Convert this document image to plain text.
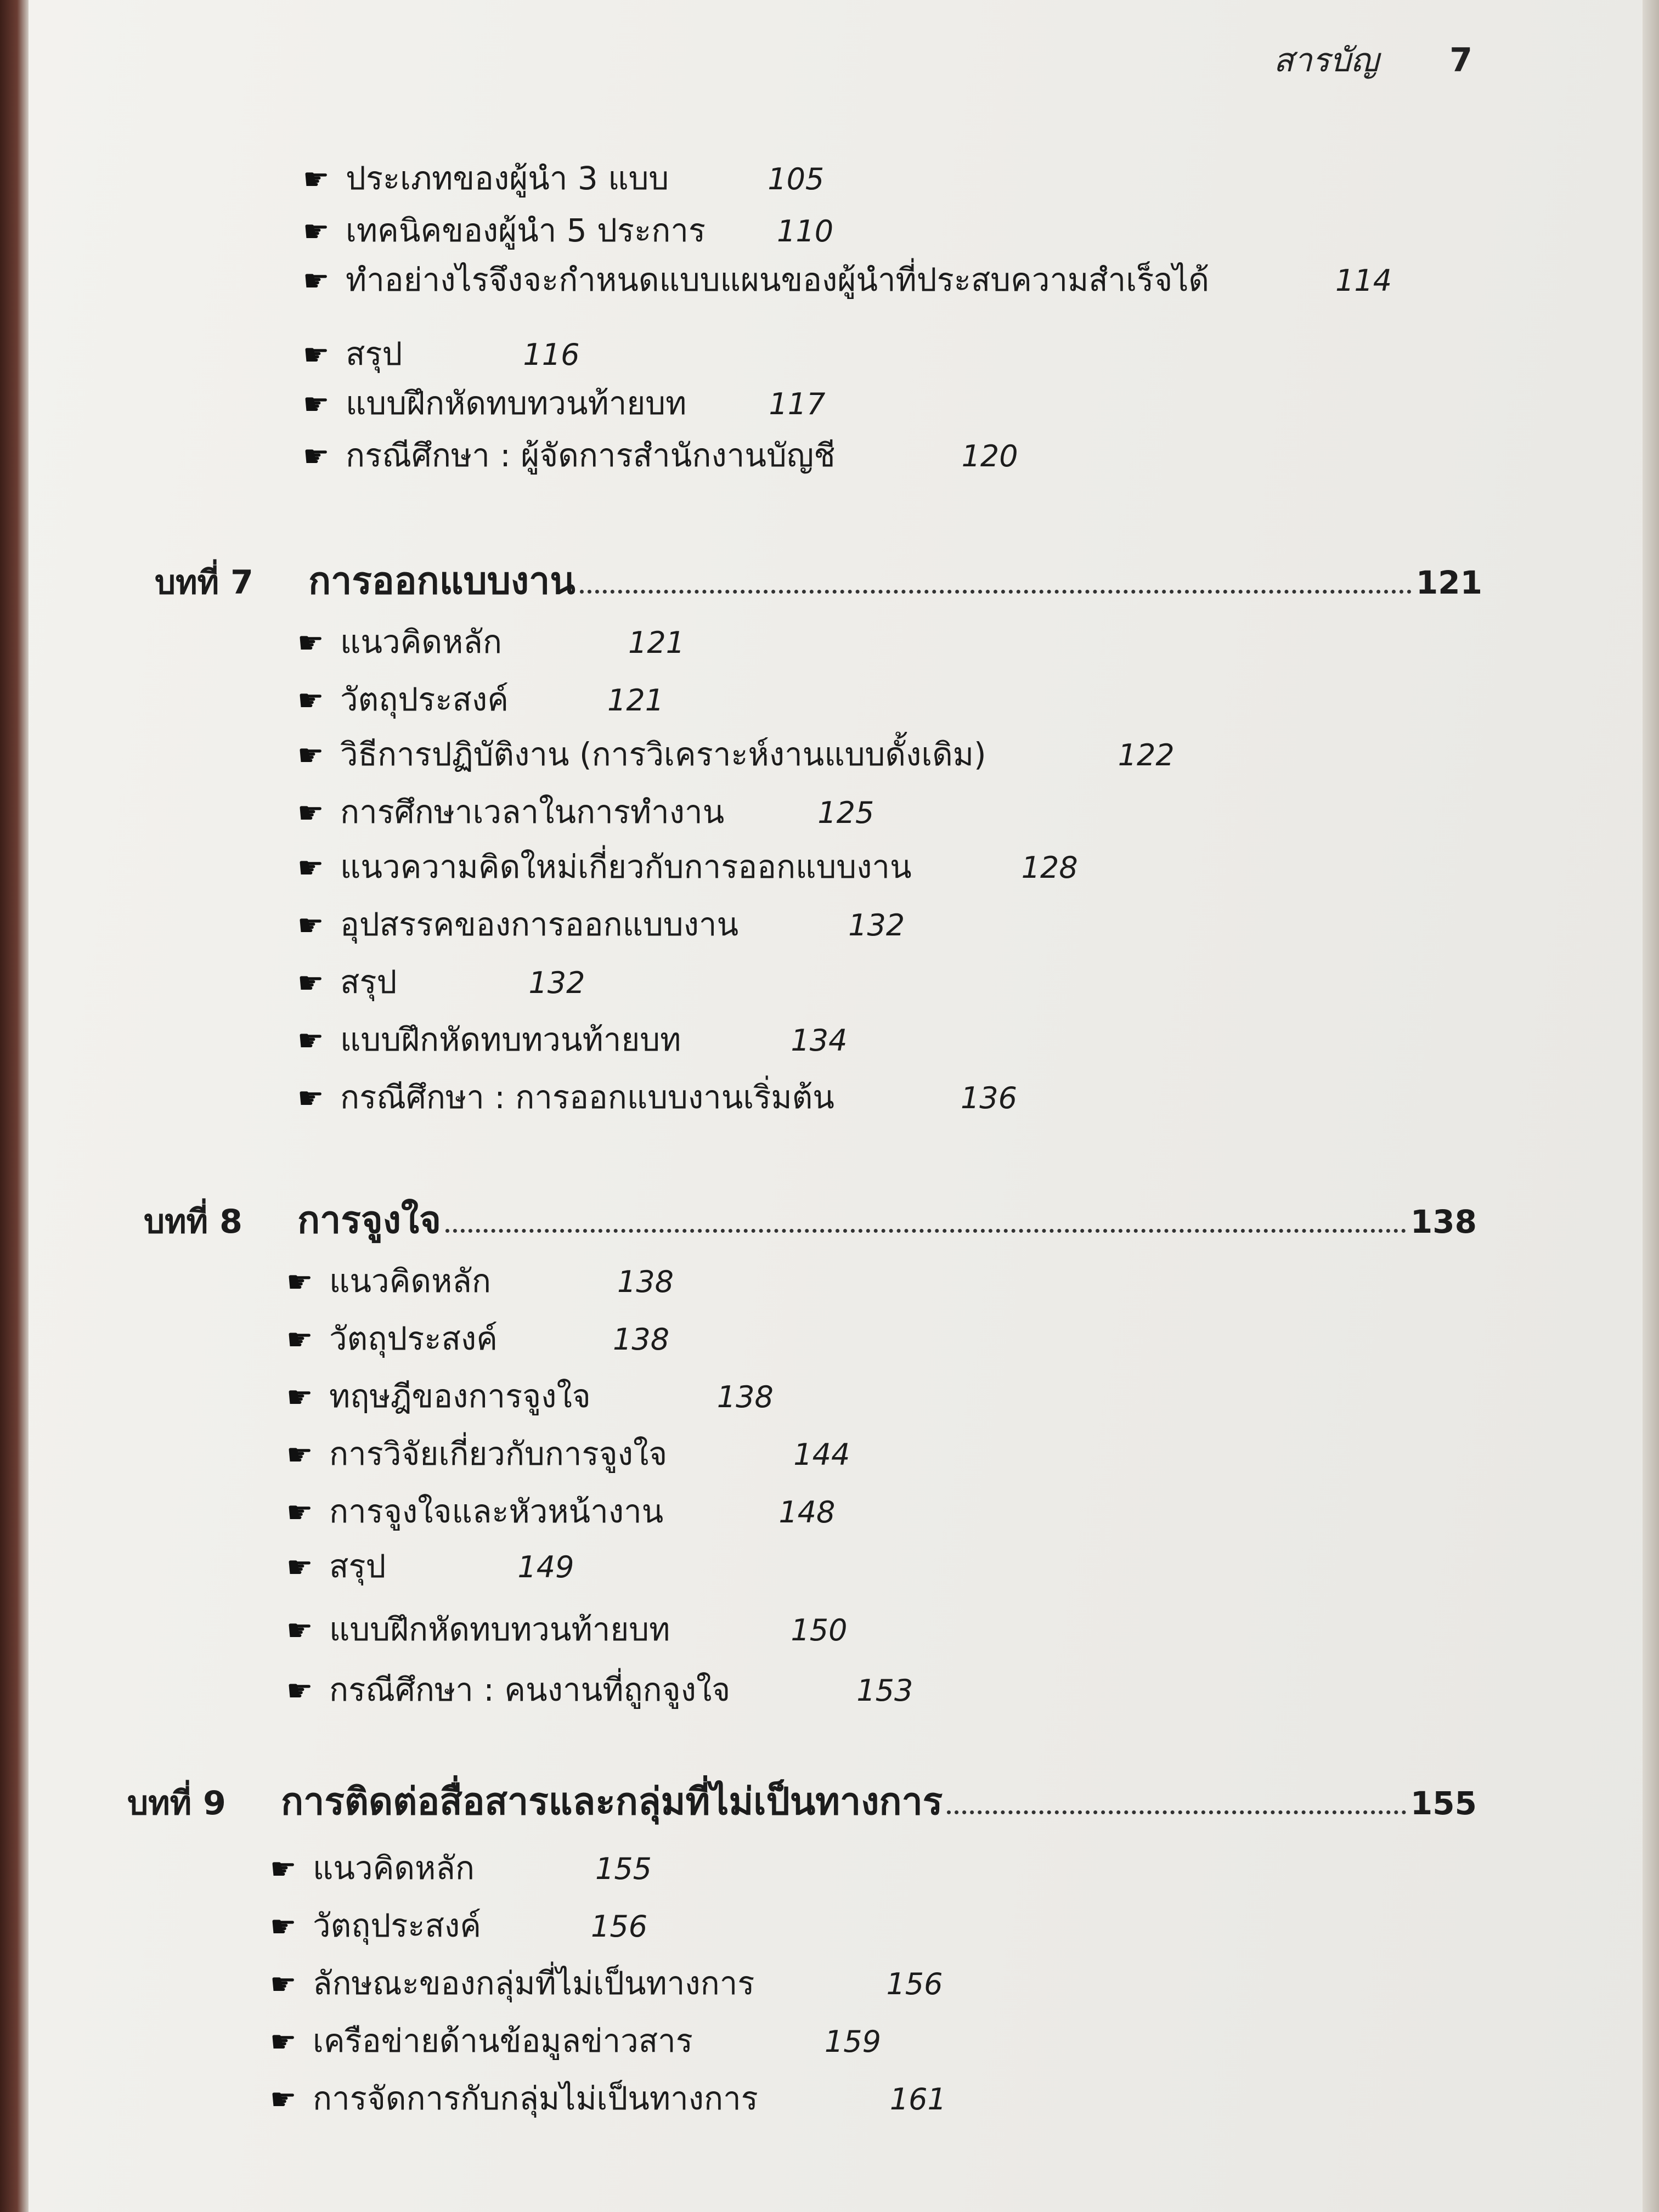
สารบัญ 7
☛ ประเภทของผู้นำ 3 แบบ	105
☛ เทคนิคของผู้นำ 5 ประการ 110
☛ ทำอย่างไรจึงจะกำหนดแบบแผนของผู้นำที่ประสบความสำเร็จได้	114
☛ สรุป	116
☛ แบบฝึกหัดทบทวนท้ายบท	117
☛ กรณีศึกษา : ผู้จัดการสำนักงานบัญชี	120
บทที่ 7	การออกแบบงาน	121
☛ แนวคิดหลัก	121
☛ วัตถุประสงค์	121
☛ วิธีการปฏิบัติงาน (การวิเคราะห์งานแบบดั้งเดิม)	122
☛ การศึกษาเวลาในการทำงาน	125
☛ แนวความคิดใหม่เกี่ยวกับการออกแบบงาน	128
☛ อุปสรรคของการออกแบบงาน	132
☛ สรุป	132
☛ แบบฝึกหัดทบทวนท้ายบท	134
☛ กรณีศึกษา : การออกแบบงานเริ่มต้น	136
บทที่ 8	การจูงใจ	138
☛ แนวคิดหลัก	138
☛ วัตถุประสงค์	138
☛ ทฤษฎีของการจูงใจ	138
☛ การวิจัยเกี่ยวกับการจูงใจ	144
☛ การจูงใจและหัวหน้างาน	148
☛ สรุป	149
☛ แบบฝึกหัดทบทวนท้ายบท	150
☛ กรณีศึกษา : คนงานที่ถูกจูงใจ	153
บทที่ 9	การติดต่อสื่อสารและกลุ่มที่ไม่เป็นทางการ	155
☛ แนวคิดหลัก	155
☛ วัตถุประสงค์	156
☛ ลักษณะของกลุ่มที่ไม่เป็นทางการ	156
☛ เครือข่ายด้านข้อมูลข่าวสาร	159
☛ การจัดการกับกลุ่มไม่เป็นทางการ	161
